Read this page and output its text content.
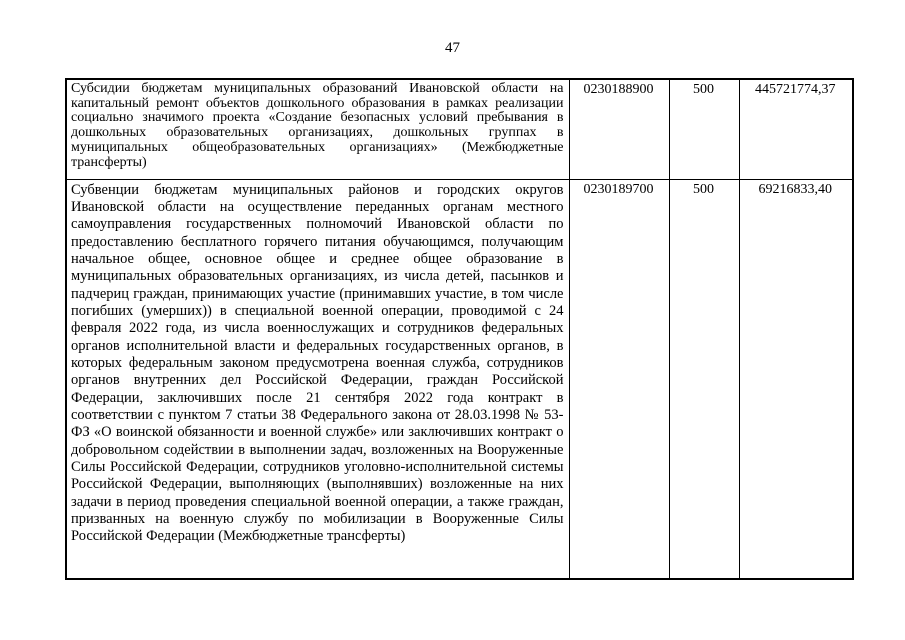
47
Субсидии бюджетам муниципальных образований Ивановской области на капитальный ремонт объектов дошкольного образования в рамках реализации социально значимого проекта «Создание безопасных условий пребывания в дошкольных образовательных организациях, дошкольных группах в муниципальных общеобразовательных организациях» (Межбюджетные трансферты)	0230188900	500	445721774,37
Субвенции бюджетам муниципальных районов и городских округов Ивановской области на осуществление переданных органам местного самоуправления государственных полномочий Ивановской области по предоставлению бесплатного горячего питания обучающимся, получающим начальное общее, основное общее и среднее общее образование в муниципальных образовательных организациях, из числа детей, пасынков и падчериц граждан, принимающих участие (принимавших участие, в том числе погибших (умерших)) в специальной военной операции, проводимой с 24 февраля 2022 года, из числа военнослужащих и сотрудников федеральных органов исполнительной власти и федеральных государственных органов, в которых федеральным законом предусмотрена военная служба, сотрудников органов внутренних дел Российской Федерации, граждан Российской Федерации, заключивших после 21 сентября 2022 года контракт в соответствии с пунктом 7 статьи 38 Федерального закона от 28.03.1998 № 53-ФЗ «О воинской обязанности и военной службе» или заключивших контракт о добровольном содействии в выполнении задач, возложенных на Вооруженные Силы Российской Федерации, сотрудников уголовно-исполнительной системы Российской Федерации, выполняющих (выполнявших) возложенные на них задачи в период проведения специальной военной операции, а также граждан, призванных на военную службу по мобилизации в Вооруженные Силы Российской Федерации (Межбюджетные трансферты)	0230189700	500	69216833,40
